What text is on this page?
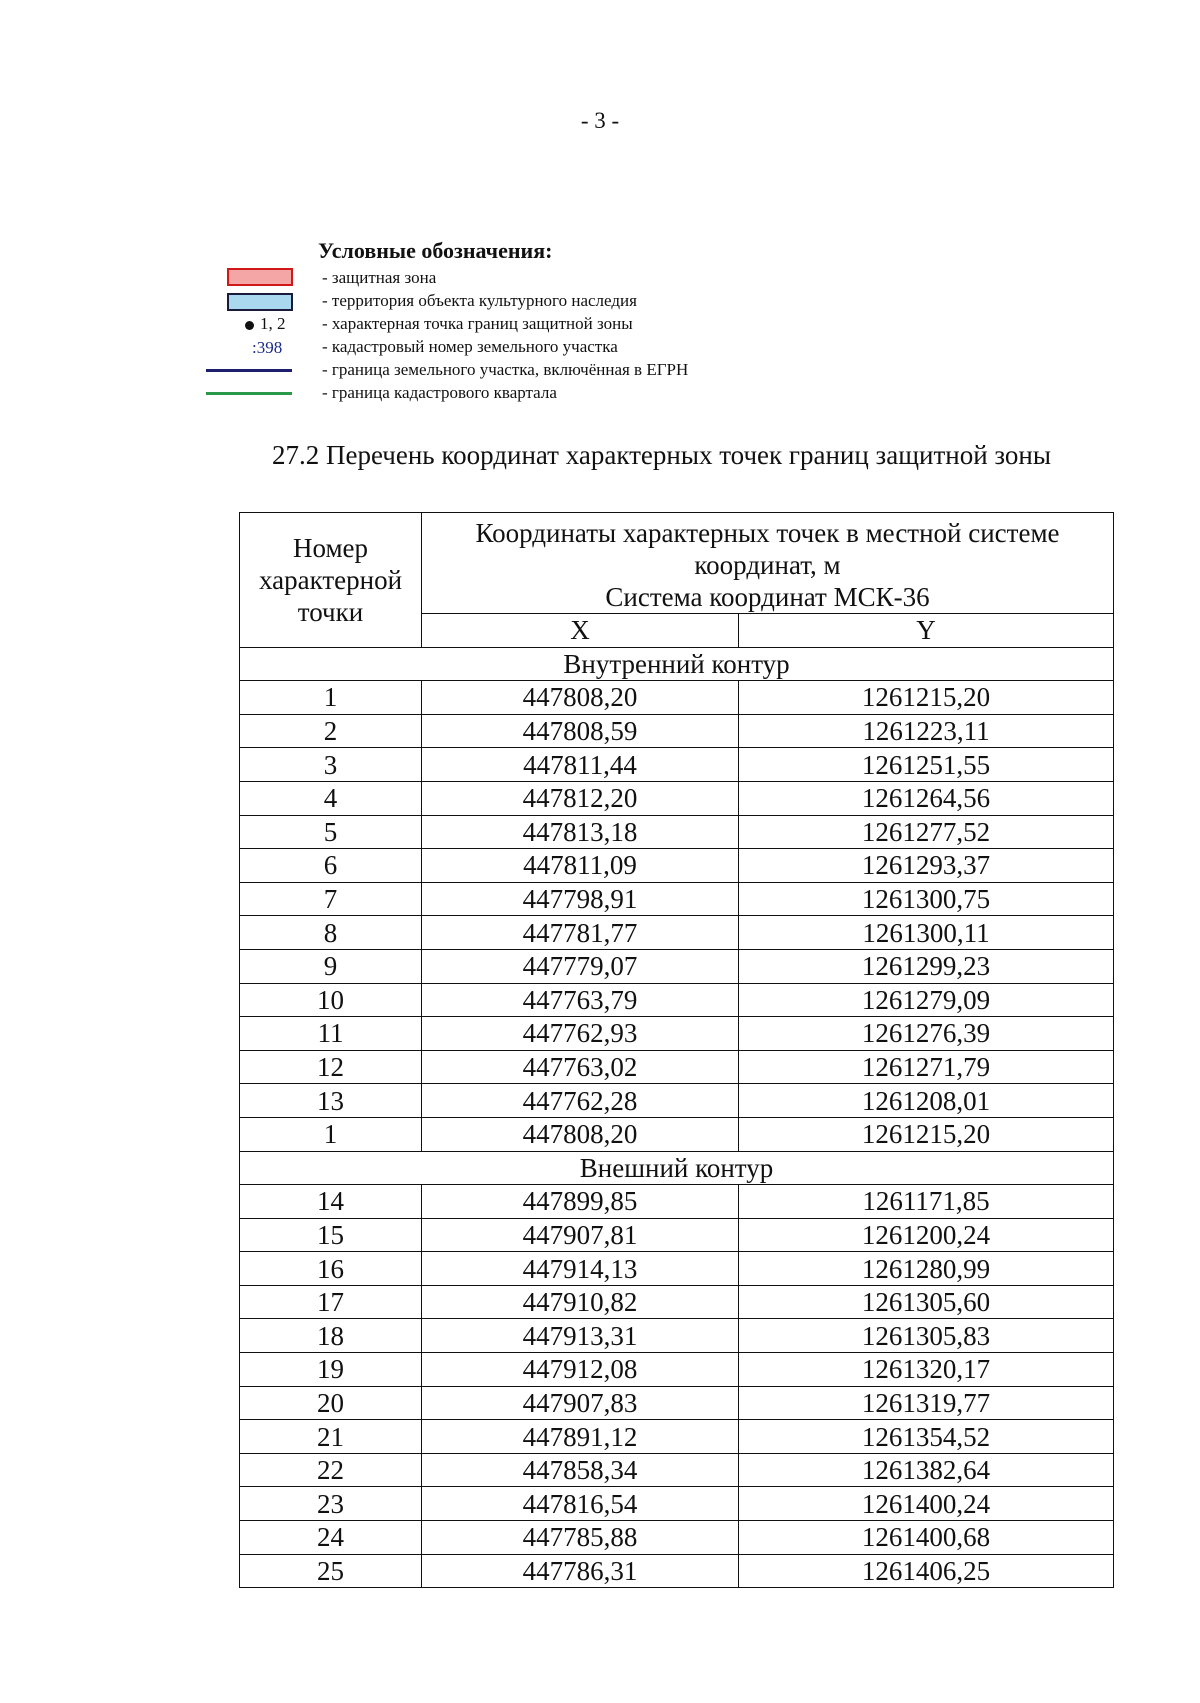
- 3 -
Условные обозначения:
1, 2
:398
- защитная зона
- территория объекта культурного наследия
- характерная точка границ защитной зоны
- кадастровый номер земельного участка
- граница земельного участка, включённая в ЕГРН
- граница кадастрового квартала
27.2 Перечень координат характерных точек границ защитной зоны
Номер характерной точки	Координаты характерных точек в местной системе координат, м
Система координат МСК-36	

	X	Y
Внутренний контур		
1	447808,20	1261215,20
2	447808,59	1261223,11
3	447811,44	1261251,55
4	447812,20	1261264,56
5	447813,18	1261277,52
6	447811,09	1261293,37
7	447798,91	1261300,75
8	447781,77	1261300,11
9	447779,07	1261299,23
10	447763,79	1261279,09
11	447762,93	1261276,39
12	447763,02	1261271,79
13	447762,28	1261208,01
1	447808,20	1261215,20
Внешний контур		
14	447899,85	1261171,85
15	447907,81	1261200,24
16	447914,13	1261280,99
17	447910,82	1261305,60
18	447913,31	1261305,83
19	447912,08	1261320,17
20	447907,83	1261319,77
21	447891,12	1261354,52
22	447858,34	1261382,64
23	447816,54	1261400,24
24	447785,88	1261400,68
25	447786,31	1261406,25
